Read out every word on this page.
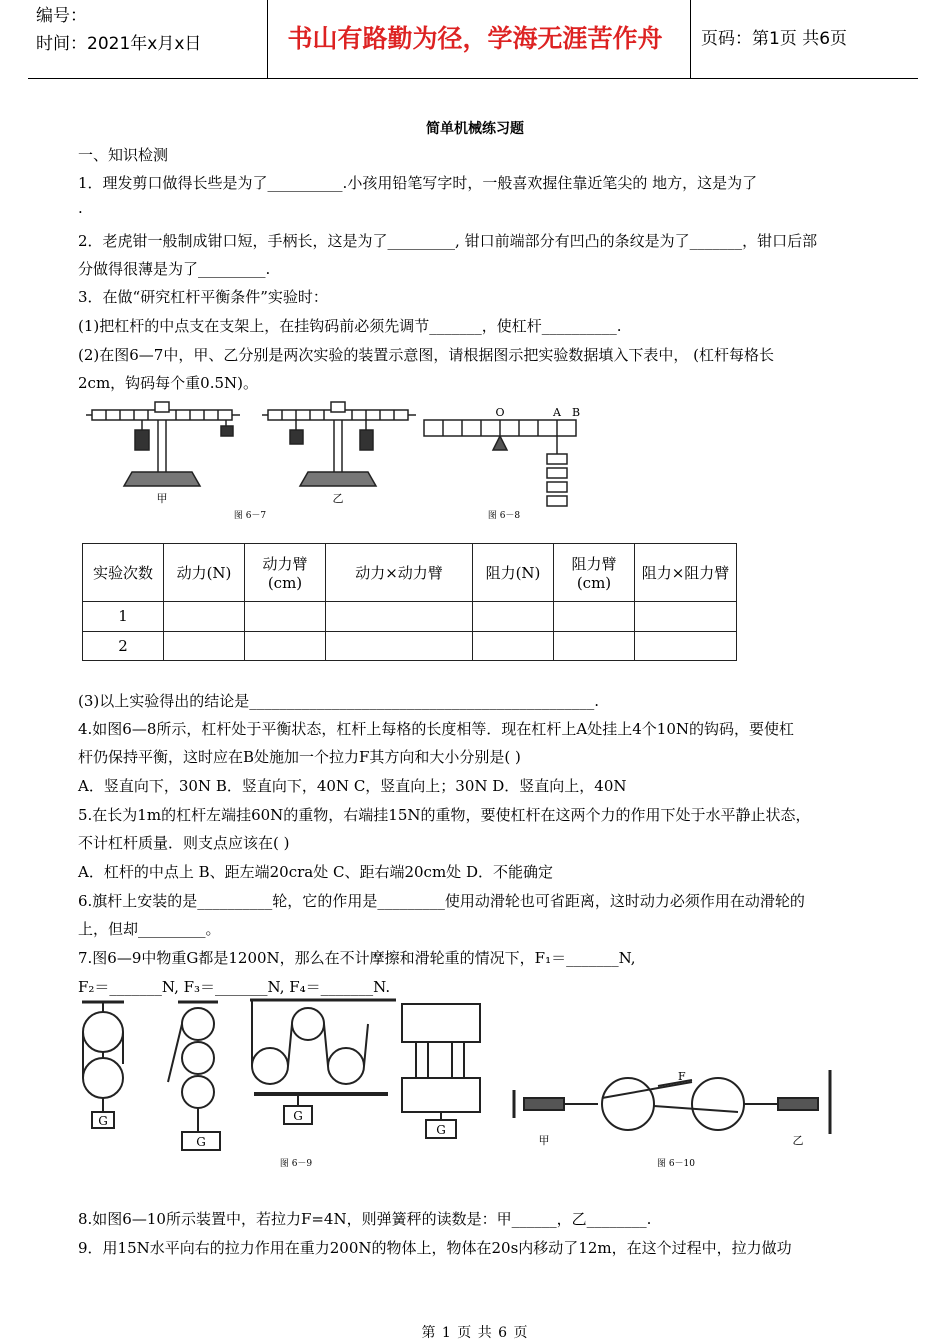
编号：
时间：2021年x月x日	书山有路勤为径，学海无涯苦作舟	页码：第1页 共6页
简单机械练习题
一、知识检测
1．理发剪口做得长些是为了__________.小孩用铅笔写字时，一般喜欢握住靠近笔尖的 地方，这是为了
.
2．老虎钳一般制成钳口短，手柄长，这是为了_________, 钳口前端部分有凹凸的条纹是为了_______，钳口后部
分做得很薄是为了_________.
3．在做“研究杠杆平衡条件”实验时：
(1)把杠杆的中点支在支架上，在挂钩码前必须先调节_______，使杠杆__________.
(2)在图6—7中，甲、乙分别是两次实验的装置示意图，请根据图示把实验数据填入下表中， (杠杆每格长
2cm，钩码每个重0.5N)。
O	A B
甲	乙
图 6－7	图 6－8
实验次数	动力(N)	动力臂(cm)	动力×动力臂	阻力(N)	阻力臂(cm)	阻力×阻力臂
1						
2						
(3)以上实验得出的结论是______________________________________________.
4.如图6—8所示，杠杆处于平衡状态，杠杆上每格的长度相等．现在杠杆上A处挂上4个10N的钩码，要使杠
杆仍保持平衡，这时应在B处施加一个拉力F其方向和大小分别是( )
A．竖直向下，30N B．竖直向下，40N C，竖直向上；30N D．竖直向上，40N
5.在长为1m的杠杆左端挂60N的重物，右端挂15N的重物，要使杠杆在这两个力的作用下处于水平静止状态，
不计杠杆质量．则支点应该在( )
A．杠杆的中点上 B、距左端20cra处 C、距右端20cm处 D．不能确定
6.旗杆上安装的是__________轮，它的作用是_________使用动滑轮也可省距离，这时动力必须作用在动滑轮的
上，但却_________。
7.图6—9中物重G都是1200N，那么在不计摩擦和滑轮重的情况下，F₁＝_______N,
F₂＝_______N, F₃＝_______N, F₄＝_______N.
G
G
G
G
F
甲	乙
图 6－9	图 6－10
8.如图6—10所示装置中，若拉力F=4N，则弹簧秤的读数是：甲______，乙________.
9．用15N水平向右的拉力作用在重力200N的物体上，物体在20s内移动了12m，在这个过程中，拉力做功
第 1 页 共 6 页
